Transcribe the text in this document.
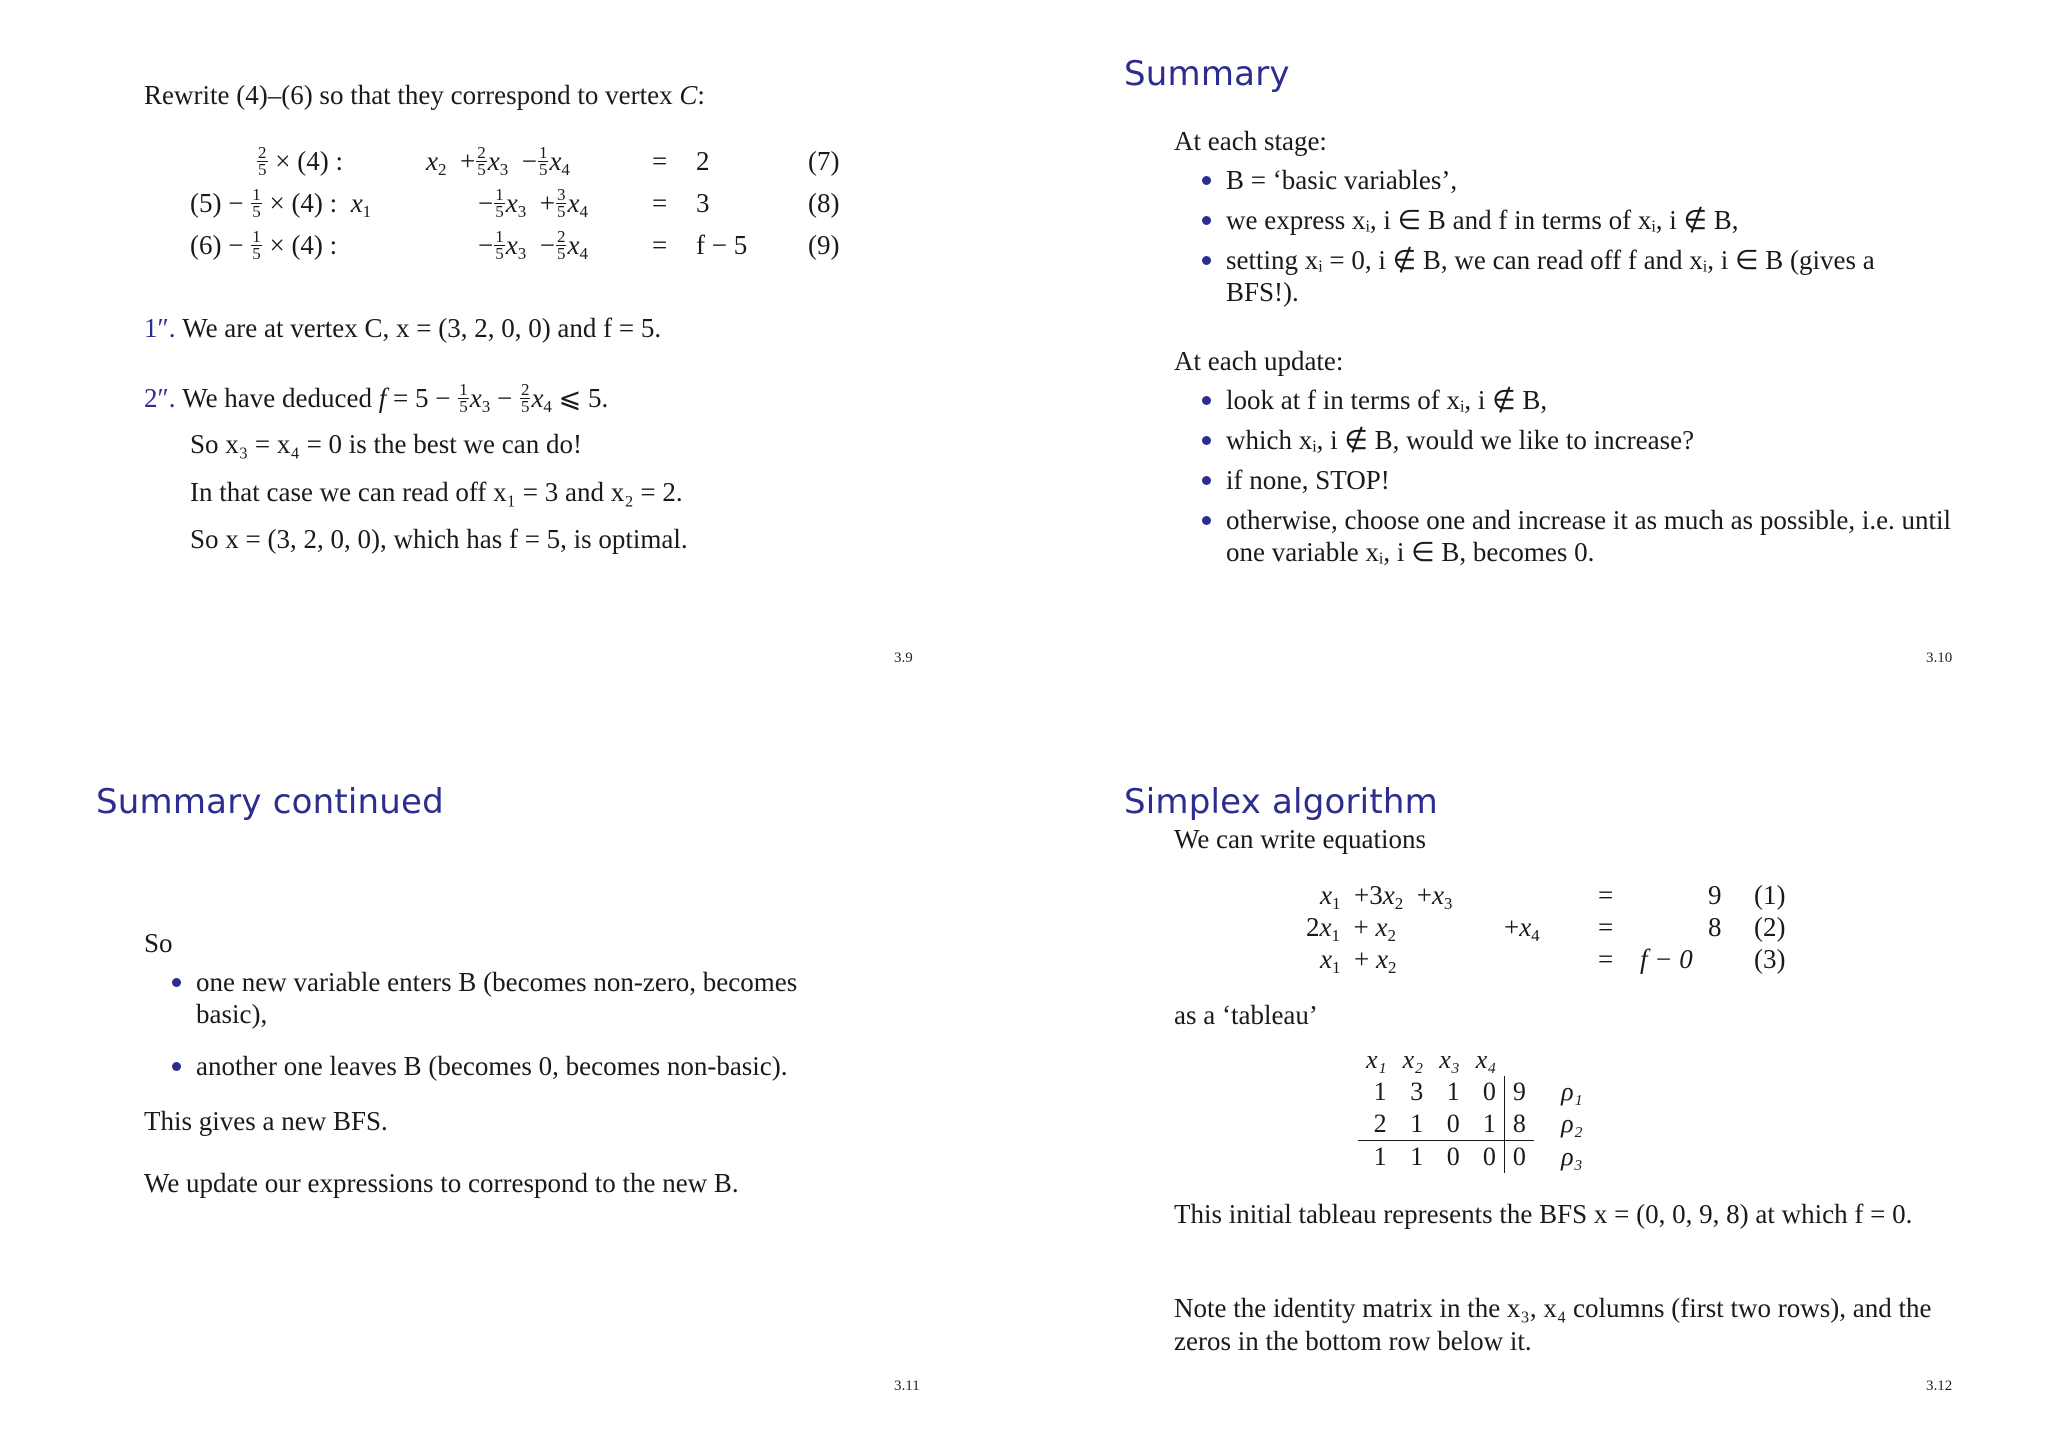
Rewrite (4)–(6) so that they correspond to vertex C:
$\frac{2}{5} \times (4)$ :	$x_2 + \frac{2}{5} x_3 - \frac{1}{5} x_4$	= 2	(7)
$(5) - \frac{1}{5} \times (4)$ : $x_1$	− $\frac{1}{5} x_3 + \frac{3}{5} x_4 = 3$	(8)
$(6) - \frac{1}{5} \times (4)$ :	− $\frac{1}{5} x_3 - \frac{2}{5} x_4 = f - 5$ (9)
1″. We are at vertex C, x = (3, 2, 0, 0) and f = 5.
2″. We have deduced $f = 5 - \frac{1}{5} x_3 - \frac{2}{5} x_4$ ⩽ 5.
So x₃ = x₄ = 0 is the best we can do!
In that case we can read off x₁ = 3 and x₂ = 2.
So x = (3, 2, 0, 0), which has f = 5, is optimal.
3.9
Summary
At each stage:
B = ‘basic variables’,
we express xᵢ, i ∈ B and f in terms of xᵢ, i ∉ B,
setting xᵢ = 0, i ∉ B, we can read off f and xᵢ, i ∈ B (gives a BFS!).
At each update:
look at f in terms of xᵢ, i ∉ B,
which xᵢ, i ∉ B, would we like to increase?
if none, STOP!
otherwise, choose one and increase it as much as possible, i.e. until one variable xᵢ, i ∈ B, becomes 0.
3.10
Summary continued
So
one new variable enters B (becomes non-zero, becomes basic),
another one leaves B (becomes 0, becomes non-basic).
This gives a new BFS.
We update our expressions to correspond to the new B.
3.11
Simplex algorithm
We can write equations
$x_1 +3x_2 +x_3$	=	9 (1)
$2x_1 + x_2$                $+x_4$ =	8 (2)
$x_1 + x_2$	= f − 0 (3)
as a ‘tableau’
x₁	x₂	x₃	x₄		
1	3	1	0	9	ρ₁
2	1	0	1	8	ρ₂
1	1	0	0	0	ρ₃
This initial tableau represents the BFS x = (0, 0, 9, 8) at which f = 0.
Note the identity matrix in the x₃, x₄ columns (first two rows), and the zeros in the bottom row below it.
3.12
